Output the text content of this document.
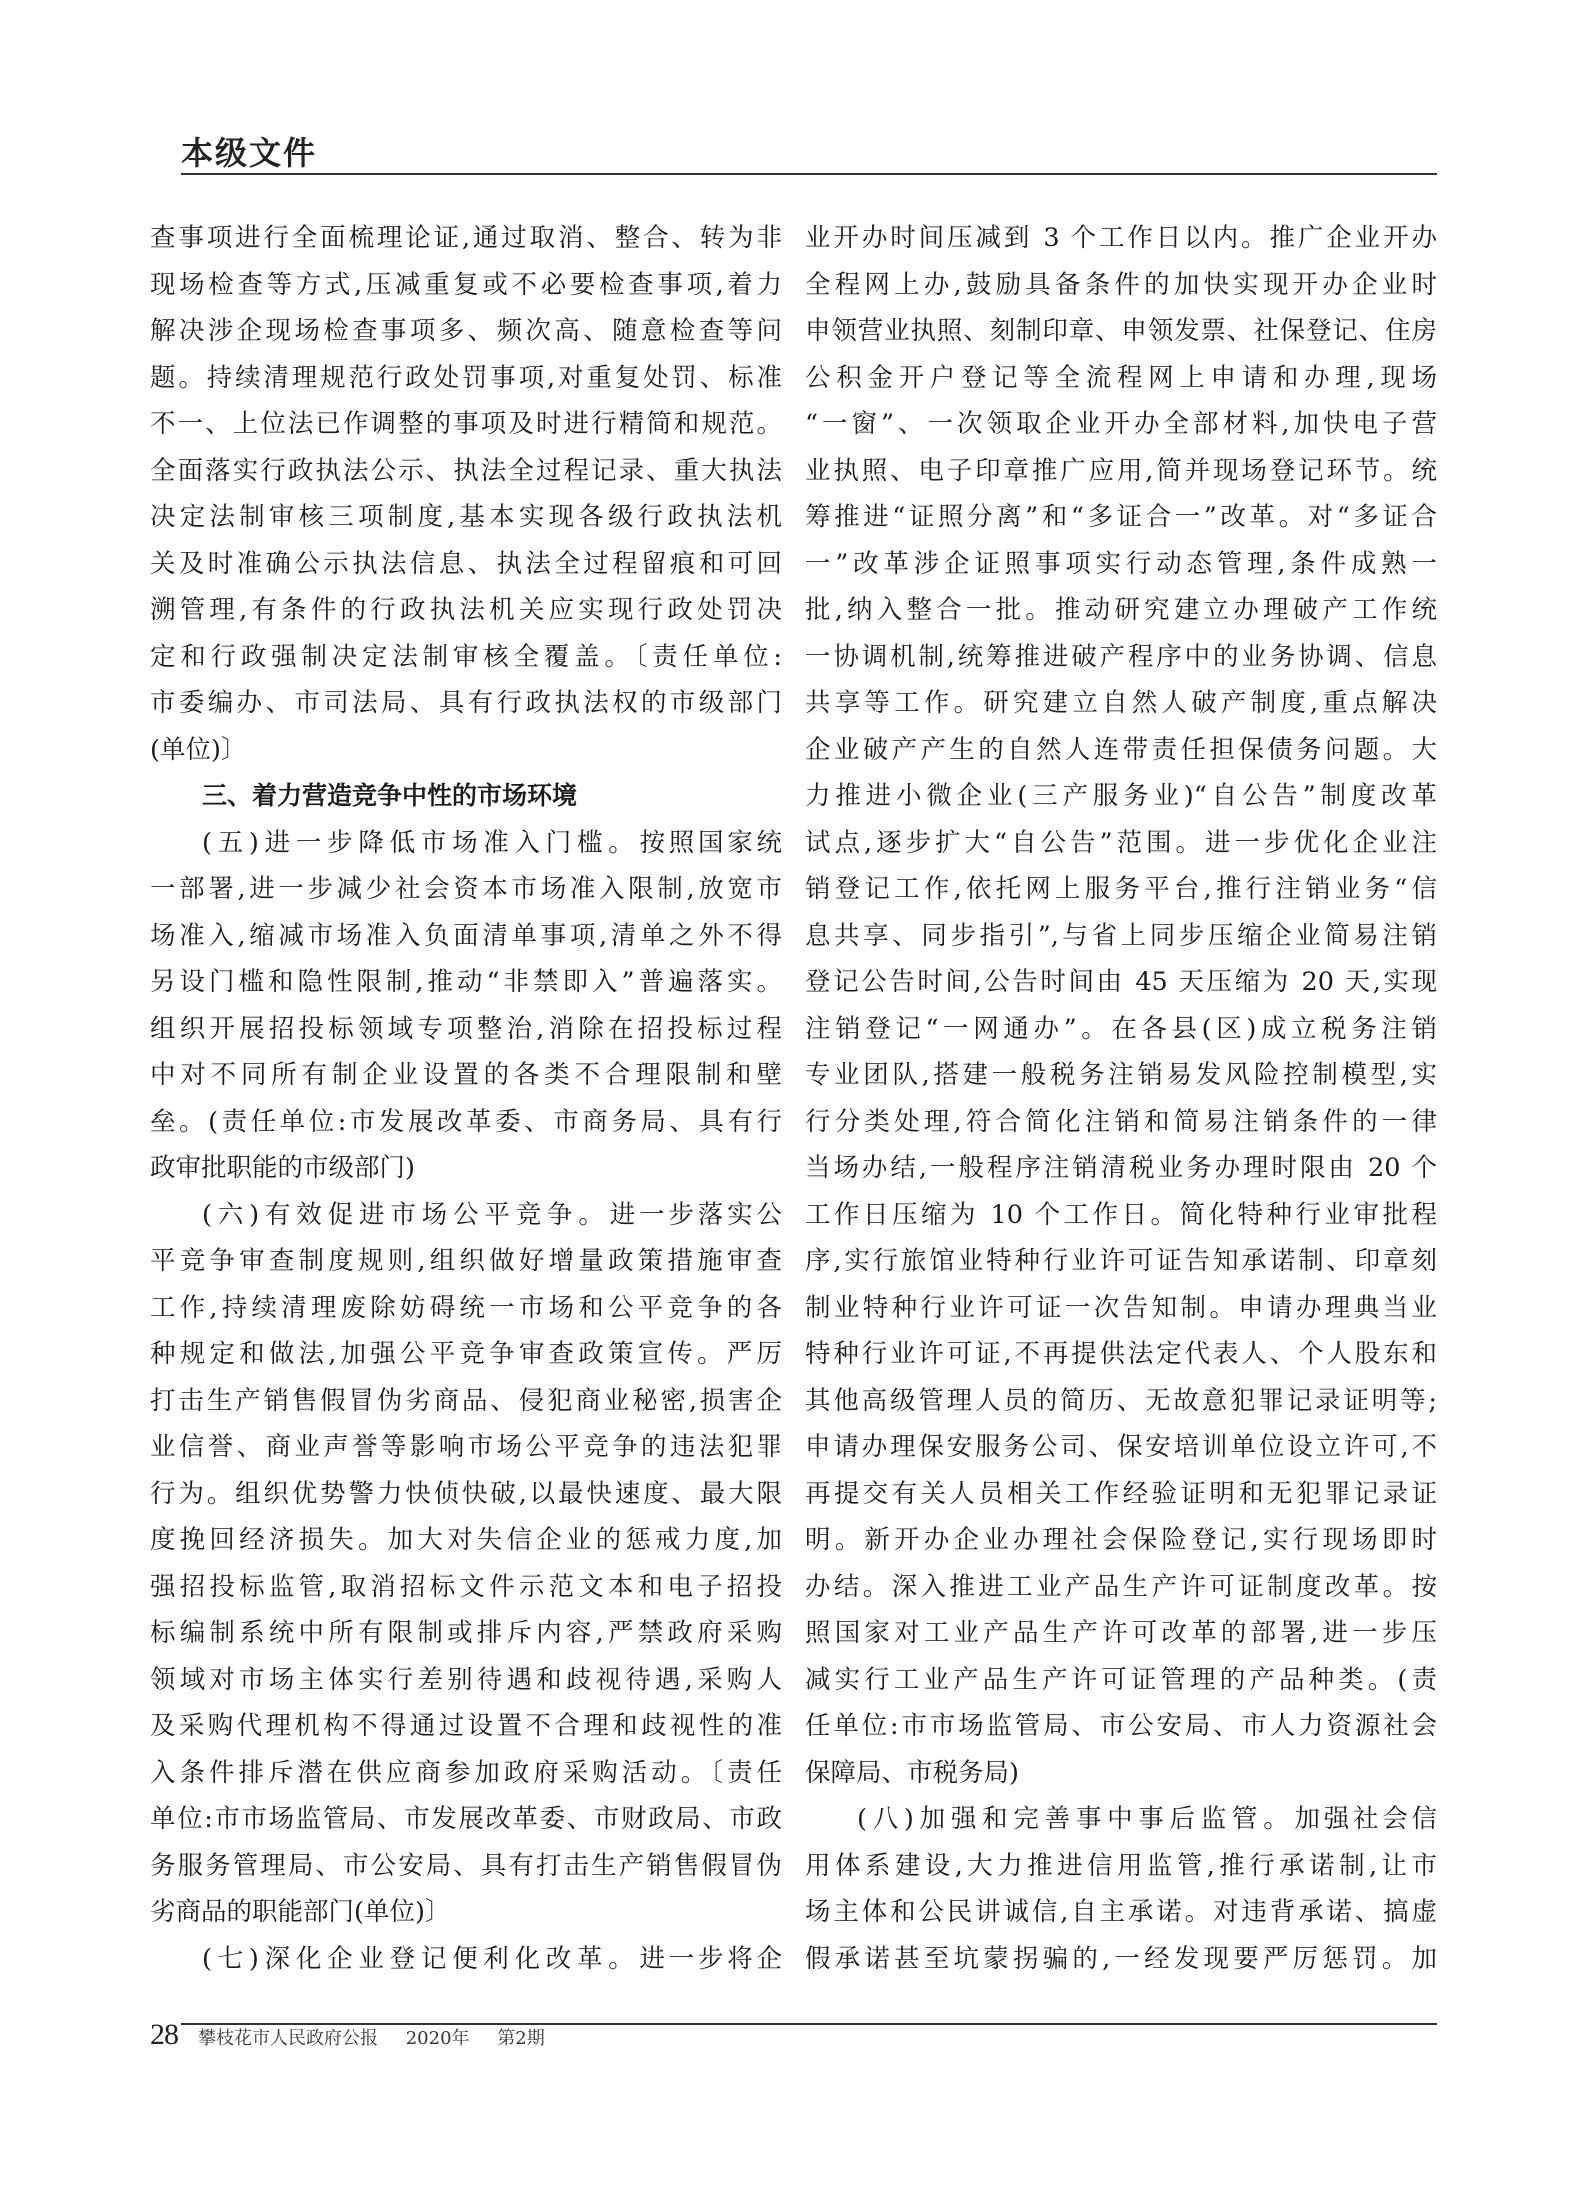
本级文件
查事项进行全面梳理论证,通过取消、整合、转为非
现场检查等方式,压减重复或不必要检查事项,着力
解决涉企现场检查事项多、频次高、随意检查等问
题。持续清理规范行政处罚事项,对重复处罚、标准
不一、上位法已作调整的事项及时进行精简和规范。
全面落实行政执法公示、执法全过程记录、重大执法
决定法制审核三项制度,基本实现各级行政执法机
关及时准确公示执法信息、执法全过程留痕和可回
溯管理,有条件的行政执法机关应实现行政处罚决
定和行政强制决定法制审核全覆盖。〔责任单位:
市委编办、市司法局、具有行政执法权的市级部门
(单位)〕
三、着力营造竞争中性的市场环境
(五)进一步降低市场准入门槛。按照国家统
一部署,进一步减少社会资本市场准入限制,放宽市
场准入,缩减市场准入负面清单事项,清单之外不得
另设门槛和隐性限制,推动“非禁即入”普遍落实。
组织开展招投标领域专项整治,消除在招投标过程
中对不同所有制企业设置的各类不合理限制和壁
垒。(责任单位:市发展改革委、市商务局、具有行
政审批职能的市级部门)
(六)有效促进市场公平竞争。进一步落实公
平竞争审查制度规则,组织做好增量政策措施审查
工作,持续清理废除妨碍统一市场和公平竞争的各
种规定和做法,加强公平竞争审查政策宣传。严厉
打击生产销售假冒伪劣商品、侵犯商业秘密,损害企
业信誉、商业声誉等影响市场公平竞争的违法犯罪
行为。组织优势警力快侦快破,以最快速度、最大限
度挽回经济损失。加大对失信企业的惩戒力度,加
强招投标监管,取消招标文件示范文本和电子招投
标编制系统中所有限制或排斥内容,严禁政府采购
领域对市场主体实行差别待遇和歧视待遇,采购人
及采购代理机构不得通过设置不合理和歧视性的准
入条件排斥潜在供应商参加政府采购活动。〔责任
单位:市市场监管局、市发展改革委、市财政局、市政
务服务管理局、市公安局、具有打击生产销售假冒伪
劣商品的职能部门(单位)〕
(七)深化企业登记便利化改革。进一步将企
业开办时间压减到 3 个工作日以内。推广企业开办
全程网上办,鼓励具备条件的加快实现开办企业时
申领营业执照、刻制印章、申领发票、社保登记、住房
公积金开户登记等全流程网上申请和办理,现场
“一窗”、一次领取企业开办全部材料,加快电子营
业执照、电子印章推广应用,简并现场登记环节。统
筹推进“证照分离”和“多证合一”改革。对“多证合
一”改革涉企证照事项实行动态管理,条件成熟一
批,纳入整合一批。推动研究建立办理破产工作统
一协调机制,统筹推进破产程序中的业务协调、信息
共享等工作。研究建立自然人破产制度,重点解决
企业破产产生的自然人连带责任担保债务问题。大
力推进小微企业(三产服务业)“自公告”制度改革
试点,逐步扩大“自公告”范围。进一步优化企业注
销登记工作,依托网上服务平台,推行注销业务“信
息共享、同步指引”,与省上同步压缩企业简易注销
登记公告时间,公告时间由 45 天压缩为 20 天,实现
注销登记“一网通办”。在各县(区)成立税务注销
专业团队,搭建一般税务注销易发风险控制模型,实
行分类处理,符合简化注销和简易注销条件的一律
当场办结,一般程序注销清税业务办理时限由 20 个
工作日压缩为 10 个工作日。简化特种行业审批程
序,实行旅馆业特种行业许可证告知承诺制、印章刻
制业特种行业许可证一次告知制。申请办理典当业
特种行业许可证,不再提供法定代表人、个人股东和
其他高级管理人员的简历、无故意犯罪记录证明等;
申请办理保安服务公司、保安培训单位设立许可,不
再提交有关人员相关工作经验证明和无犯罪记录证
明。新开办企业办理社会保险登记,实行现场即时
办结。深入推进工业产品生产许可证制度改革。按
照国家对工业产品生产许可改革的部署,进一步压
减实行工业产品生产许可证管理的产品种类。(责
任单位:市市场监管局、市公安局、市人力资源社会
保障局、市税务局)
(八)加强和完善事中事后监管。加强社会信
用体系建设,大力推进信用监管,推行承诺制,让市
场主体和公民讲诚信,自主承诺。对违背承诺、搞虚
假承诺甚至坑蒙拐骗的,一经发现要严厉惩罚。加
28 攀枝花市人民政府公报 2020年 第2期
